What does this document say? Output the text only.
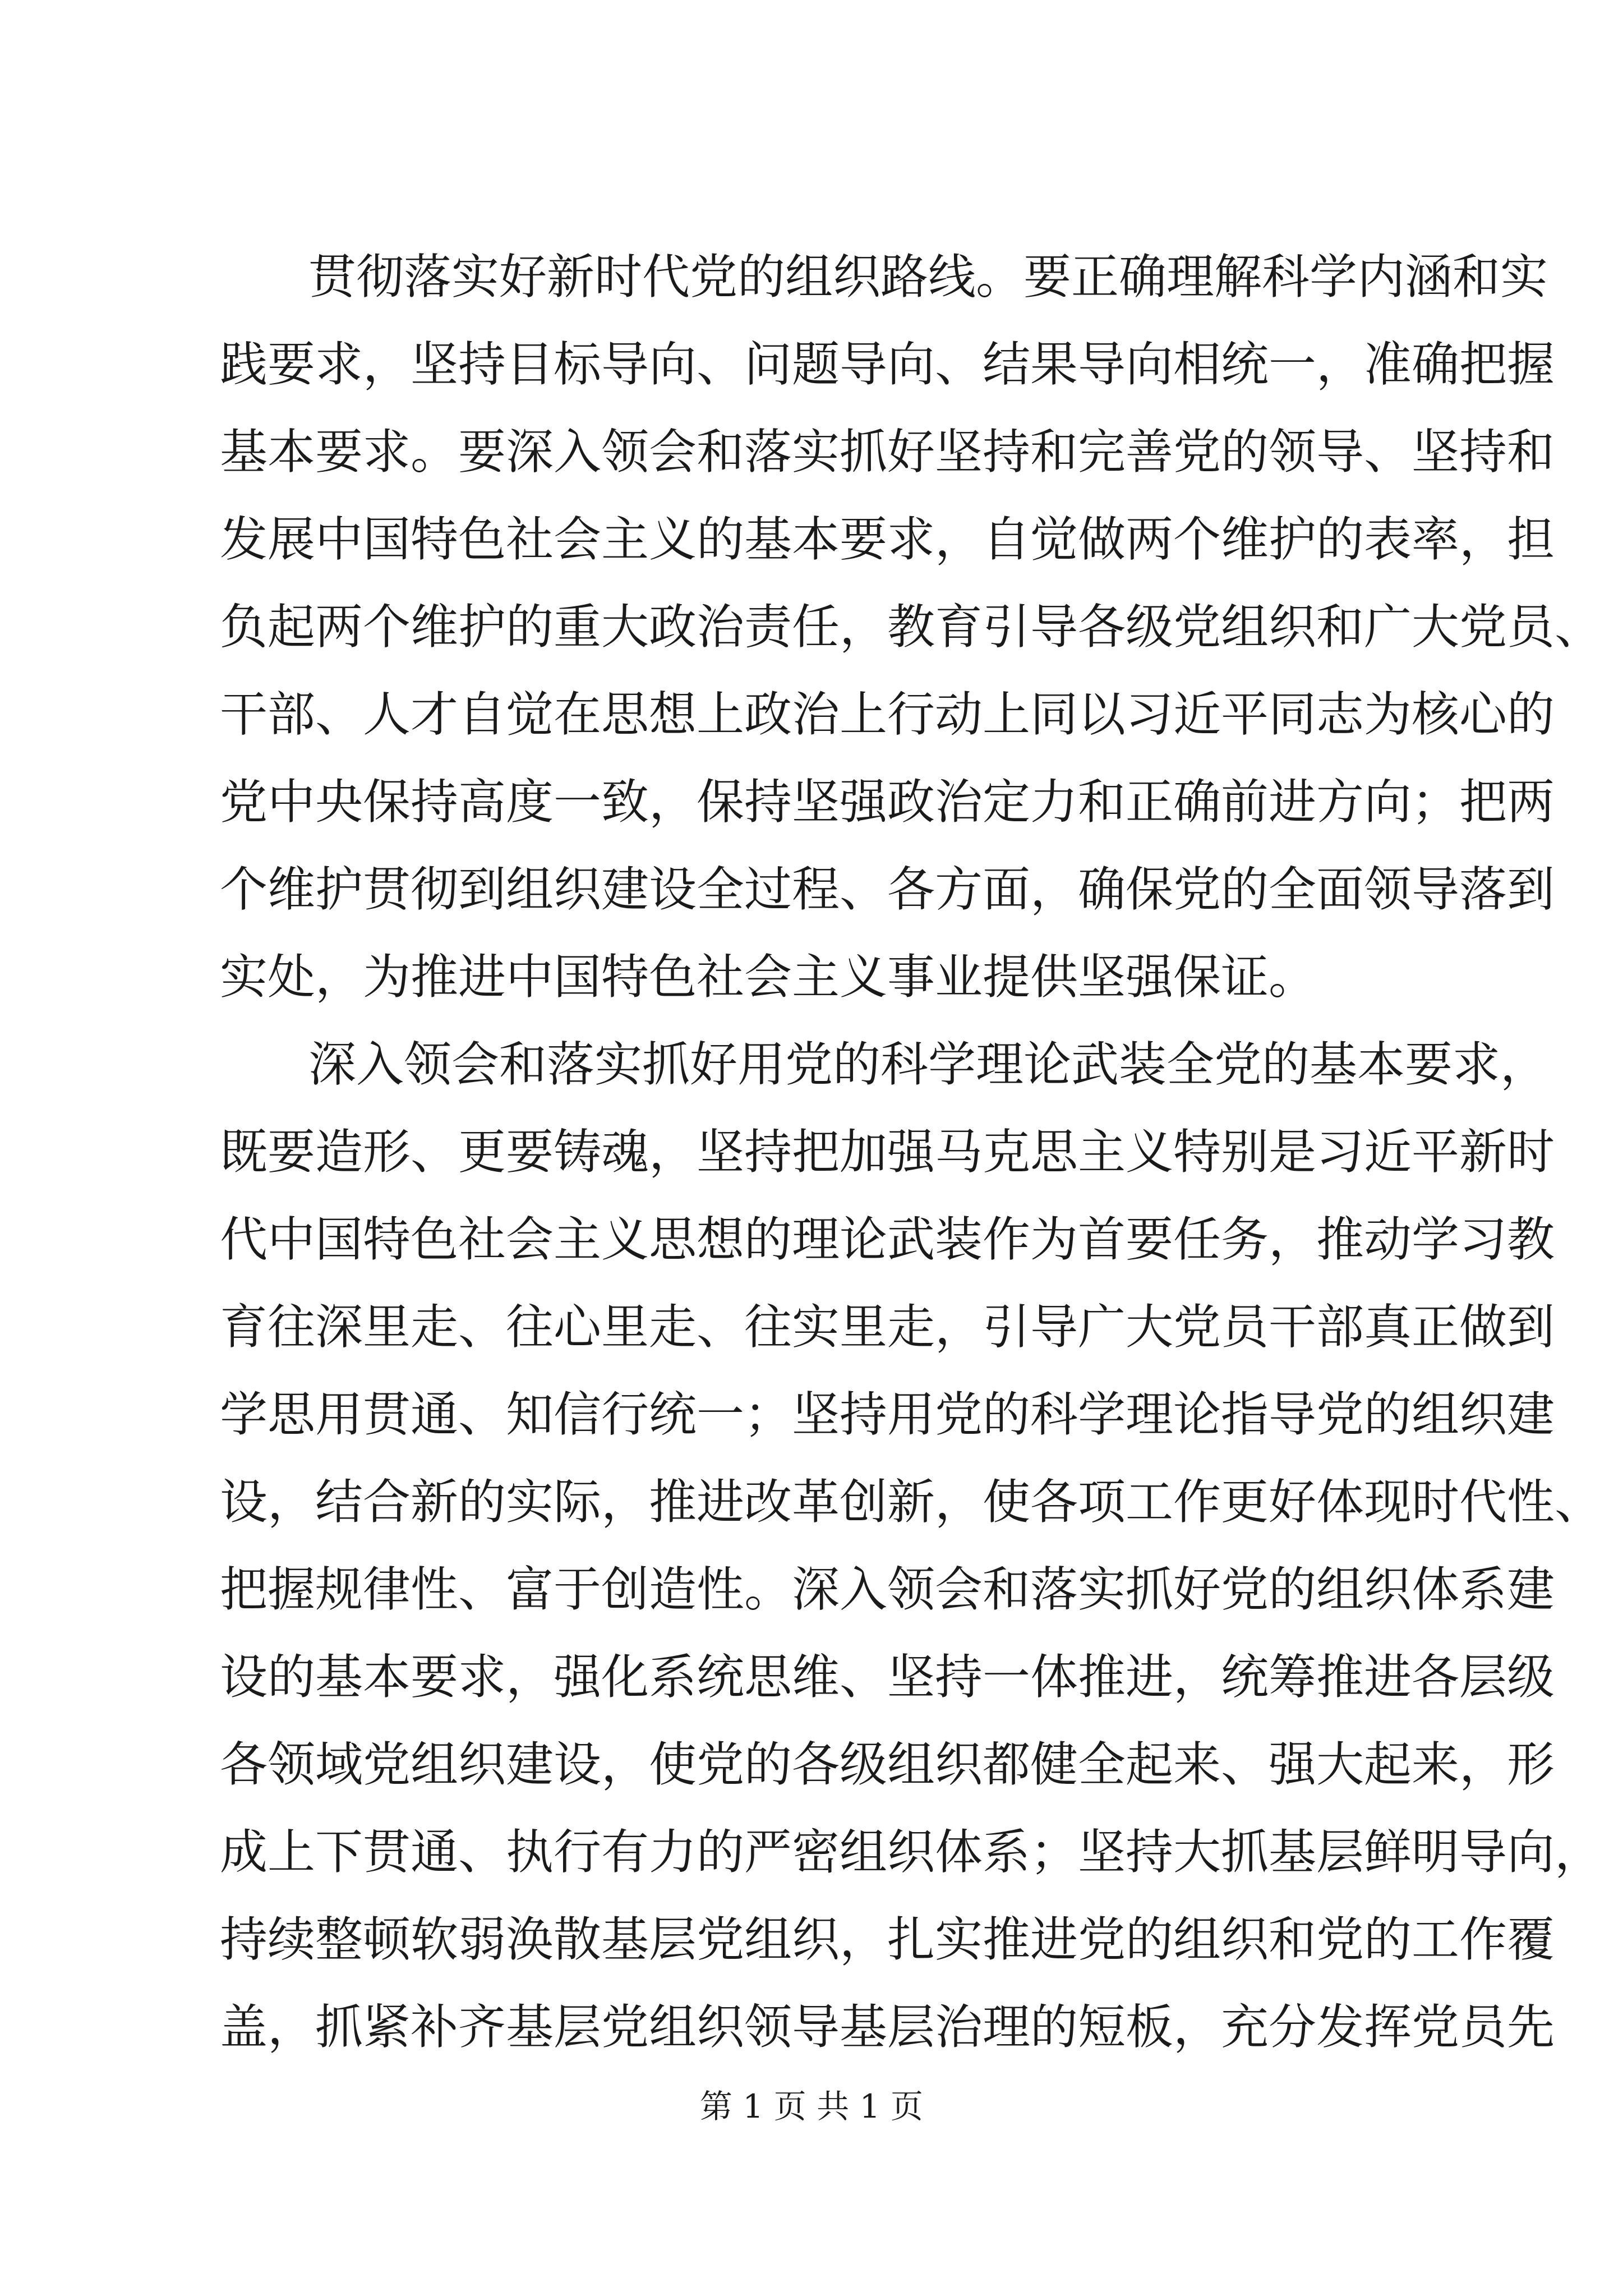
贯彻落实好新时代党的组织路线。要正确理解科学内涵和实
践要求，坚持目标导向、问题导向、结果导向相统一，准确把握
基本要求。要深入领会和落实抓好坚持和完善党的领导、坚持和
发展中国特色社会主义的基本要求，自觉做两个维护的表率，担
负起两个维护的重大政治责任，教育引导各级党组织和广大党员、
干部、人才自觉在思想上政治上行动上同以习近平同志为核心的
党中央保持高度一致，保持坚强政治定力和正确前进方向；把两
个维护贯彻到组织建设全过程、各方面，确保党的全面领导落到
实处，为推进中国特色社会主义事业提供坚强保证。
深入领会和落实抓好用党的科学理论武装全党的基本要求，
既要造形、更要铸魂，坚持把加强马克思主义特别是习近平新时
代中国特色社会主义思想的理论武装作为首要任务，推动学习教
育往深里走、往心里走、往实里走，引导广大党员干部真正做到
学思用贯通、知信行统一；坚持用党的科学理论指导党的组织建
设，结合新的实际，推进改革创新，使各项工作更好体现时代性、
把握规律性、富于创造性。深入领会和落实抓好党的组织体系建
设的基本要求，强化系统思维、坚持一体推进，统筹推进各层级
各领域党组织建设，使党的各级组织都健全起来、强大起来，形
成上下贯通、执行有力的严密组织体系；坚持大抓基层鲜明导向，
持续整顿软弱涣散基层党组织，扎实推进党的组织和党的工作覆
盖，抓紧补齐基层党组织领导基层治理的短板，充分发挥党员先
第 1 页 共 1 页
